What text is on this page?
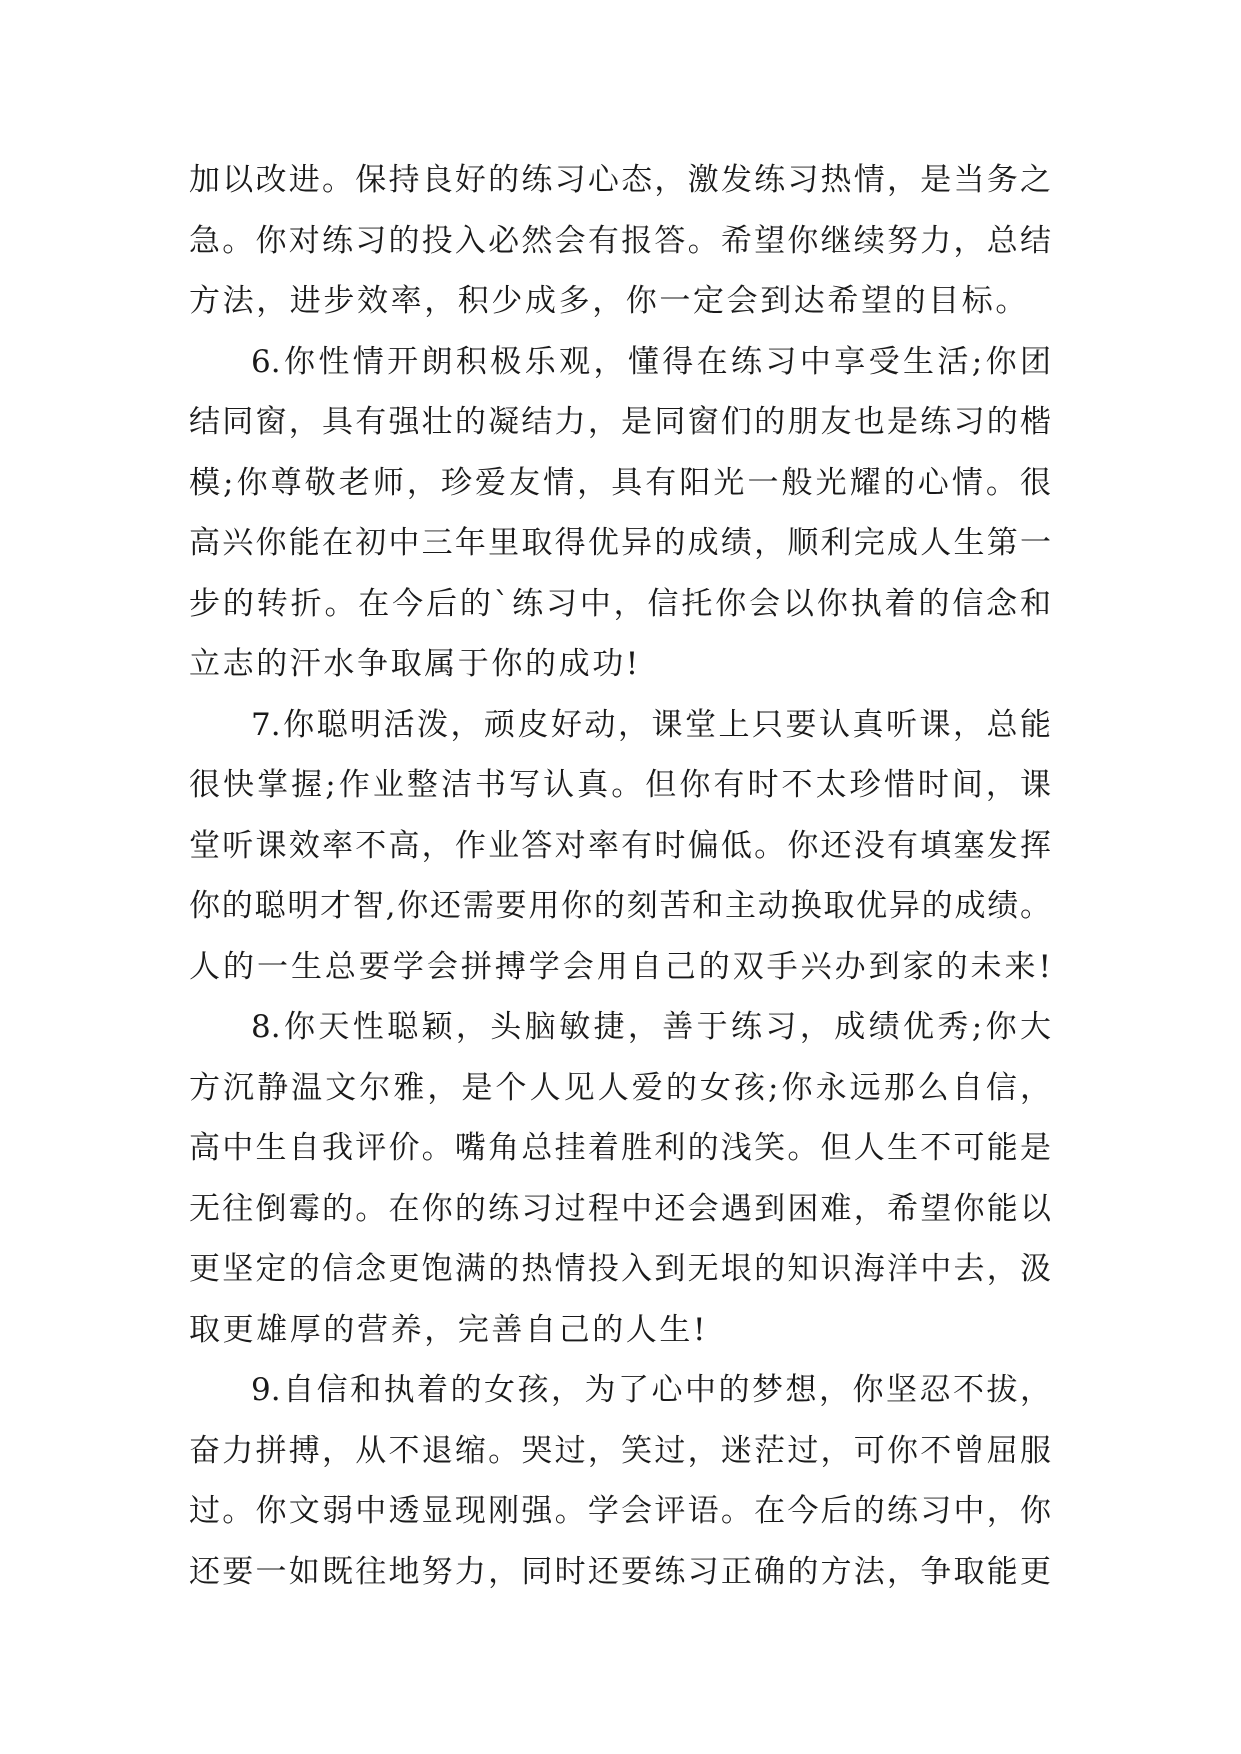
加以改进。保持良好的练习心态，激发练习热情，是当务之
急。你对练习的投入必然会有报答。希望你继续努力，总结
方法，进步效率，积少成多，你一定会到达希望的目标。
6.你性情开朗积极乐观，懂得在练习中享受生活;你团
结同窗，具有强壮的凝结力，是同窗们的朋友也是练习的楷
模;你尊敬老师，珍爱友情，具有阳光一般光耀的心情。很
高兴你能在初中三年里取得优异的成绩，顺利完成人生第一
步的转折。在今后的`练习中，信托你会以你执着的信念和
立志的汗水争取属于你的成功!
7.你聪明活泼，顽皮好动，课堂上只要认真听课，总能
很快掌握;作业整洁书写认真。但你有时不太珍惜时间，课
堂听课效率不高，作业答对率有时偏低。你还没有填塞发挥
你的聪明才智,你还需要用你的刻苦和主动换取优异的成绩。
人的一生总要学会拼搏学会用自己的双手兴办到家的未来!
8.你天性聪颖，头脑敏捷，善于练习，成绩优秀;你大
方沉静温文尔雅，是个人见人爱的女孩;你永远那么自信，
高中生自我评价。嘴角总挂着胜利的浅笑。但人生不可能是
无往倒霉的。在你的练习过程中还会遇到困难，希望你能以
更坚定的信念更饱满的热情投入到无垠的知识海洋中去，汲
取更雄厚的营养，完善自己的人生!
9.自信和执着的女孩，为了心中的梦想，你坚忍不拔，
奋力拼搏，从不退缩。哭过，笑过，迷茫过，可你不曾屈服
过。你文弱中透显现刚强。学会评语。在今后的练习中，你
还要一如既往地努力，同时还要练习正确的方法，争取能更
